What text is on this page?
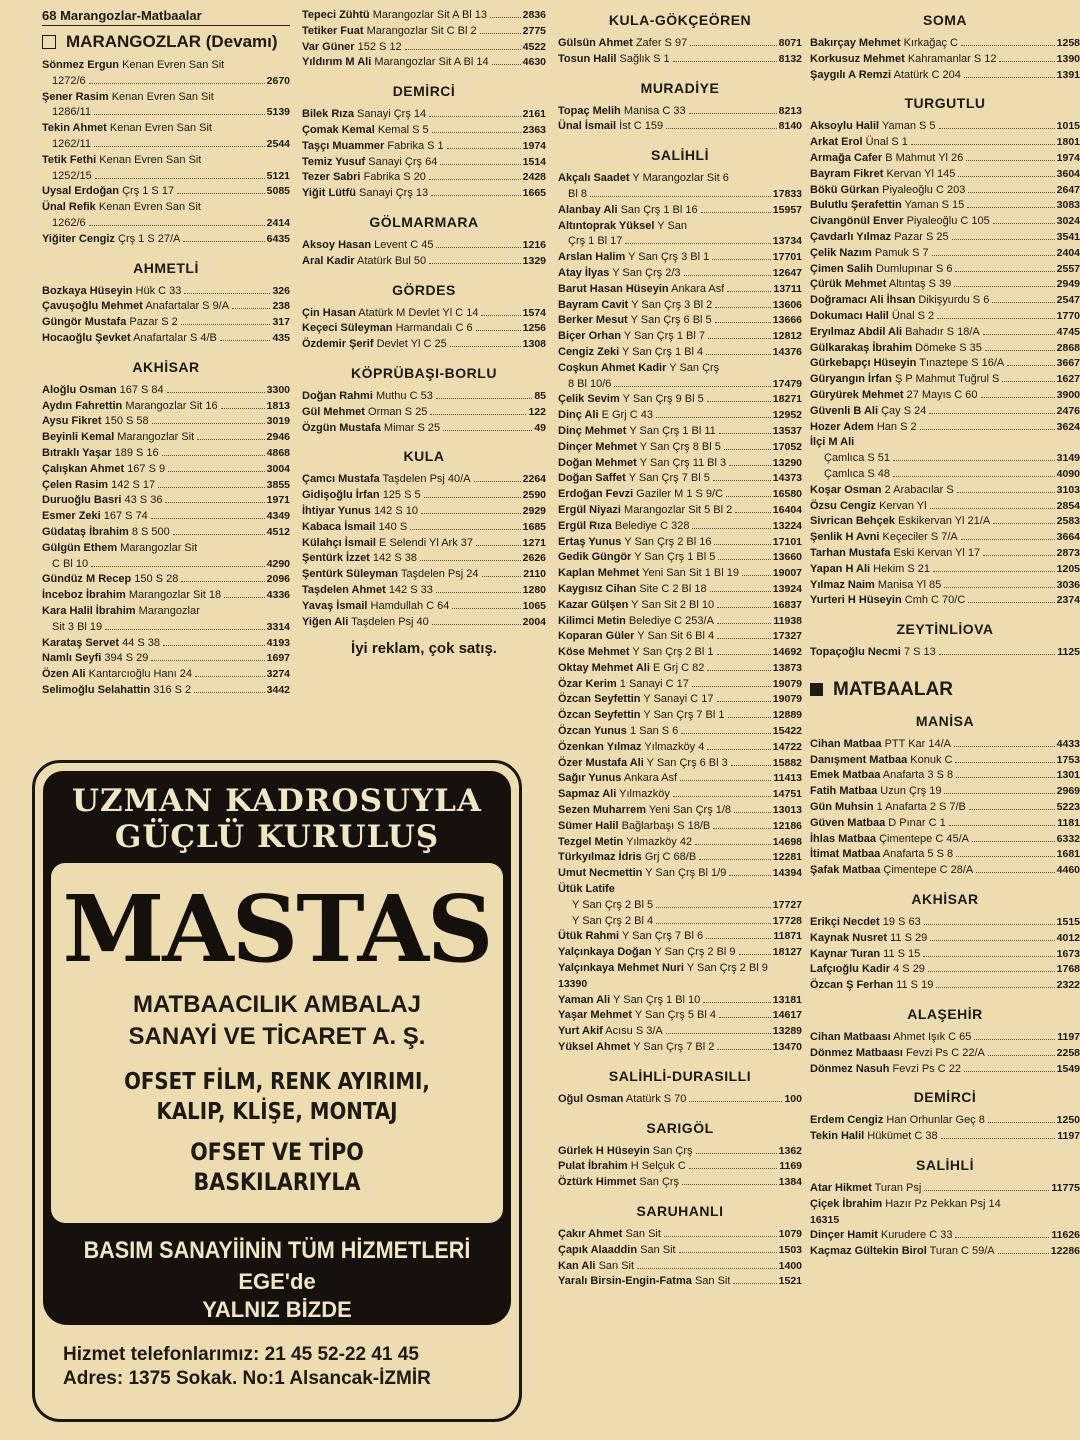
68 Marangozlar-Matbaalar
MARANGOZLAR (Devamı)
Sönmez Ergun Kenan Evren San Sit
1272/6	2670
Şener Rasim Kenan Evren San Sit
1286/11	5139
Tekin Ahmet Kenan Evren San Sit
1262/11	2544
Tetik Fethi Kenan Evren San Sit
1252/15	5121
Uysal Erdoğan Çrş 1 S 17	5085
Ünal Refik Kenan Evren San Sit
1262/6	2414
Yiğiter Cengiz Çrş 1 S 27/A	6435
AHMETLİ
Bozkaya Hüseyin Hük C 33	326
Çavuşoğlu Mehmet Anafartalar S 9/A	238
Güngör Mustafa Pazar S 2	317
Hocaoğlu Şevket Anafartalar S 4/B	435
AKHİSAR
Aloğlu Osman 167 S 84	3300
Aydın Fahrettin Marangozlar Sit 16	1813
Aysu Fikret 150 S 58	3019
Beyinli Kemal Marangozlar Sit	2946
Bıtraklı Yaşar 189 S 16	4868
Çalışkan Ahmet 167 S 9	3004
Çelen Rasim 142 S 17	3855
Duruoğlu Basri 43 S 36	1971
Esmer Zeki 167 S 74	4349
Güdataş İbrahim 8 S 500	4512
Gülgün Ethem Marangozlar Sit
C Bl 10	4290
Gündüz M Recep 150 S 28	2096
İnceboz İbrahim Marangozlar Sit 18	4336
Kara Halil İbrahim Marangozlar
Sit 3 Bl 19	3314
Karataş Servet 44 S 38	4193
Namlı Seyfi 394 S 29	1697
Özen Ali Kantarcıoğlu Hanı 24	3274
Selimoğlu Selahattin 316 S 2	3442
Tepeci Zühtü Marangozlar Sit A Bl 13	2836
Tetiker Fuat Marangozlar Sit C Bl 2	2775
Var Güner 152 S 12	4522
Yıldırım M Ali Marangozlar Sit A Bl 14	4630
DEMİRCİ
Bilek Rıza Sanayi Çrş 14	2161
Çomak Kemal Kemal S 5	2363
Taşçı Muammer Fabrika S 1	1974
Temiz Yusuf Sanayi Çrş 64	1514
Tezer Sabri Fabrika S 20	2428
Yiğit Lütfü Sanayi Çrş 13	1665
GÖLMARMARA
Aksoy Hasan Levent C 45	1216
Aral Kadir Atatürk Bul 50	1329
GÖRDES
Çin Hasan Atatürk M Devlet Yl C 14	1574
Keçeci Süleyman Harmandalı C 6	1256
Özdemir Şerif Devlet Yl C 25	1308
KÖPRÜBAŞI-BORLU
Doğan Rahmi Muthu C 53	85
Gül Mehmet Orman S 25	122
Özgün Mustafa Mimar S 25	49
KULA
Çamcı Mustafa Taşdelen Psj 40/A	2264
Gidişoğlu İrfan 125 S 5	2590
İhtiyar Yunus 142 S 10	2929
Kabaca İsmail 140 S	1685
Külahçı İsmail E Selendi Yl Ark 37	1271
Şentürk İzzet 142 S 38	2626
Şentürk Süleyman Taşdelen Psj 24	2110
Taşdelen Ahmet 142 S 33	1280
Yavaş İsmail Hamdullah C 64	1065
Yiğen Ali Taşdelen Psj 40	2004
İyi reklam, çok satış.
KULA-GÖKÇEÖREN
Gülsün Ahmet Zafer S 97	8071
Tosun Halil Sağlık S 1	8132
MURADİYE
Topaç Melih Manisa C 33	8213
Ünal İsmail İst C 159	8140
SALİHLİ
Akçalı Saadet Y Marangozlar Sit 6
Bl 8	17833
Alanbay Ali San Çrş 1 Bl 16	15957
Altıntoprak Yüksel Y San
Çrş 1 Bl 17	13734
Arslan Halim Y San Çrş 3 Bl 1	17701
Atay İlyas Y San Çrş 2/3	12647
Barut Hasan Hüseyin Ankara Asf	13711
Bayram Cavit Y San Çrş 3 Bl 2	13606
Berker Mesut Y San Çrş 6 Bl 5	13666
Biçer Orhan Y San Çrş 1 Bl 7	12812
Cengiz Zeki Y San Çrş 1 Bl 4	14376
Coşkun Ahmet Kadir Y San Çrş
8 Bl 10/6	17479
Çelik Sevim Y San Çrş 9 Bl 5	18271
Dinç Ali E Grj C 43	12952
Dinç Mehmet Y San Çrş 1 Bl 11	13537
Dinçer Mehmet Y San Çrş 8 Bl 5	17052
Doğan Mehmet Y San Çrş 11 Bl 3	13290
Doğan Saffet Y San Çrş 7 Bl 5	14373
Erdoğan Fevzi Gaziler M 1 S 9/C	16580
Ergül Niyazi Marangozlar Sit 5 Bl 2	16404
Ergül Rıza Belediye C 328	13224
Ertaş Yunus Y San Çrş 2 Bl 16	17101
Gedik Güngör Y San Çrş 1 Bl 5	13660
Kaplan Mehmet Yeni San Sit 1 Bl 19	19007
Kaygısız Cihan Site C 2 Bl 18	13924
Kazar Gülşen Y San Sit 2 Bl 10	16837
Kilimci Metin Belediye C 253/A	11938
Koparan Güler Y San Sit 6 Bl 4	17327
Köse Mehmet Y San Çrş 2 Bl 1	14692
Oktay Mehmet Ali E Grj C 82	13873
Özar Kerim 1 Sanayi C 17	19079
Özcan Seyfettin Y Sanayi C 17	19079
Özcan Seyfettin Y San Çrş 7 Bl 1	12889
Özcan Yunus 1 San S 6	15422
Özenkan Yılmaz Yılmazköy 4	14722
Özer Mustafa Ali Y San Çrş 6 Bl 3	15882
Sağır Yunus Ankara Asf	11413
Sapmaz Ali Yılmazköy	14751
Sezen Muharrem Yeni San Çrş 1/8	13013
Sümer Halil Bağlarbaşı S 18/B	12186
Tezgel Metin Yılmazköy 42	14698
Türkyılmaz İdris Grj C 68/B	12281
Umut Necmettin Y San Çrş Bl 1/9	14394
Ütük Latife
Y San Çrş 2 Bl 5	17727
Y San Çrş 2 Bl 4	17728
Ütük Rahmi Y San Çrş 7 Bl 6	11871
Yalçınkaya Doğan Y San Çrş 2 Bl 9	18127
Yalçınkaya Mehmet Nuri Y San Çrş 2 Bl 9
13390
Yaman Ali Y San Çrş 1 Bl 10	13181
Yaşar Mehmet Y San Çrş 5 Bl 4	14617
Yurt Akif Acısu S 3/A	13289
Yüksel Ahmet Y San Çrş 7 Bl 2	13470
SALİHLİ-DURASILLI
Oğul Osman Atatürk S 70	100
SARIGÖL
Gürlek H Hüseyin San Çrş	1362
Pulat İbrahim H Selçuk C	1169
Öztürk Himmet San Çrş	1384
SARUHANLI
Çakır Ahmet San Sit	1079
Çapık Alaaddin San Sit	1503
Kan Ali San Sit	1400
Yaralı Birsin-Engin-Fatma San Sit	1521
SOMA
Bakırçay Mehmet Kırkağaç C	1258
Korkusuz Mehmet Kahramanlar S 12	1390
Şaygılı A Remzi Atatürk C 204	1391
TURGUTLU
Aksoylu Halil Yaman S 5	1015
Arkat Erol Ünal S 1	1801
Armağa Cafer B Mahmut Yl 26	1974
Bayram Fikret Kervan Yl 145	3604
Bökü Gürkan Piyaleoğlu C 203	2647
Bulutlu Şerafettin Yaman S 15	3083
Civangönül Enver Piyaleoğlu C 105	3024
Çavdarlı Yılmaz Pazar S 25	3541
Çelik Nazım Pamuk S 7	2404
Çimen Salih Dumlupınar S 6	2557
Çürük Mehmet Altıntaş S 39	2949
Doğramacı Ali İhsan Dikişyurdu S 6	2547
Dokumacı Halil Ünal S 2	1770
Eryılmaz Abdil Ali Bahadır S 18/A	4745
Gülkarakaş İbrahim Dömeke S 35	2868
Gürkebapçı Hüseyin Tınaztepe S 16/A	3667
Güryangın İrfan Ş P Mahmut Tuğrul S	1627
Güryürek Mehmet 27 Mayıs C 60	3900
Güvenli B Ali Çay S 24	2476
Hozer Adem Han S 2	3624
İlçi M Ali
Çamlıca S 51	3149
Çamlıca S 48	4090
Koşar Osman 2 Arabacılar S	3103
Özsu Cengiz Kervan Yl	2854
Sivrican Behçek Eskikervan Yl 21/A	2583
Şenlik H Avni Keçeciler S 7/A	3664
Tarhan Mustafa Eski Kervan Yl 17	2873
Yapan H Ali Hekim S 21	1205
Yılmaz Naim Manisa Yl 85	3036
Yurteri H Hüseyin Cmh C 70/C	2374
ZEYTİNLİOVA
Topaçoğlu Necmi 7 S 13	1125
MATBAALAR
MANİSA
Cihan Matbaa PTT Kar 14/A	4433
Danışment Matbaa Konuk C	1753
Emek Matbaa Anafarta 3 S 8	1301
Fatih Matbaa Uzun Çrş 19	2969
Gün Muhsin 1 Anafarta 2 S 7/B	5223
Güven Matbaa D Pınar C 1	1181
İhlas Matbaa Çimentepe C 45/A	6332
İtimat Matbaa Anafarta 5 S 8	1681
Şafak Matbaa Çimentepe C 28/A	4460
AKHİSAR
Erikçi Necdet 19 S 63	1515
Kaynak Nusret 11 S 29	4012
Kaynar Turan 11 S 15	1673
Lafçıoğlu Kadir 4 S 29	1768
Özcan Ş Ferhan 11 S 19	2322
ALAŞEHİR
Cihan Matbaası Ahmet Işık C 65	1197
Dönmez Matbaası Fevzi Ps C 22/A	2258
Dönmez Nasuh Fevzi Ps C 22	1549
DEMİRCİ
Erdem Cengiz Han Orhunlar Geç 8	1250
Tekin Halil Hükümet C 38	1197
SALİHLİ
Atar Hikmet Turan Psj	11775
Çiçek İbrahim Hazır Pz Pekkan Psj 14
16315
Dinçer Hamit Kurudere C 33	11626
Kaçmaz Gültekin Birol Turan C 59/A	12286
UZMAN KADROSUYLA
GÜÇLÜ KURULUŞ
MASTAS
MATBAACILIK AMBALAJ
SANAYİ VE TİCARET A. Ş.
OFSET FİLM, RENK AYIRIMI,
KALIP, KLİŞE, MONTAJ
OFSET VE TİPO
BASKILARIYLA
BASIM SANAYİİNİN TÜM HİZMETLERİ
EGE'de
YALNIZ BİZDE
Hizmet telefonlarımız: 21 45 52-22 41 45
Adres: 1375 Sokak. No:1 Alsancak-İZMİR
